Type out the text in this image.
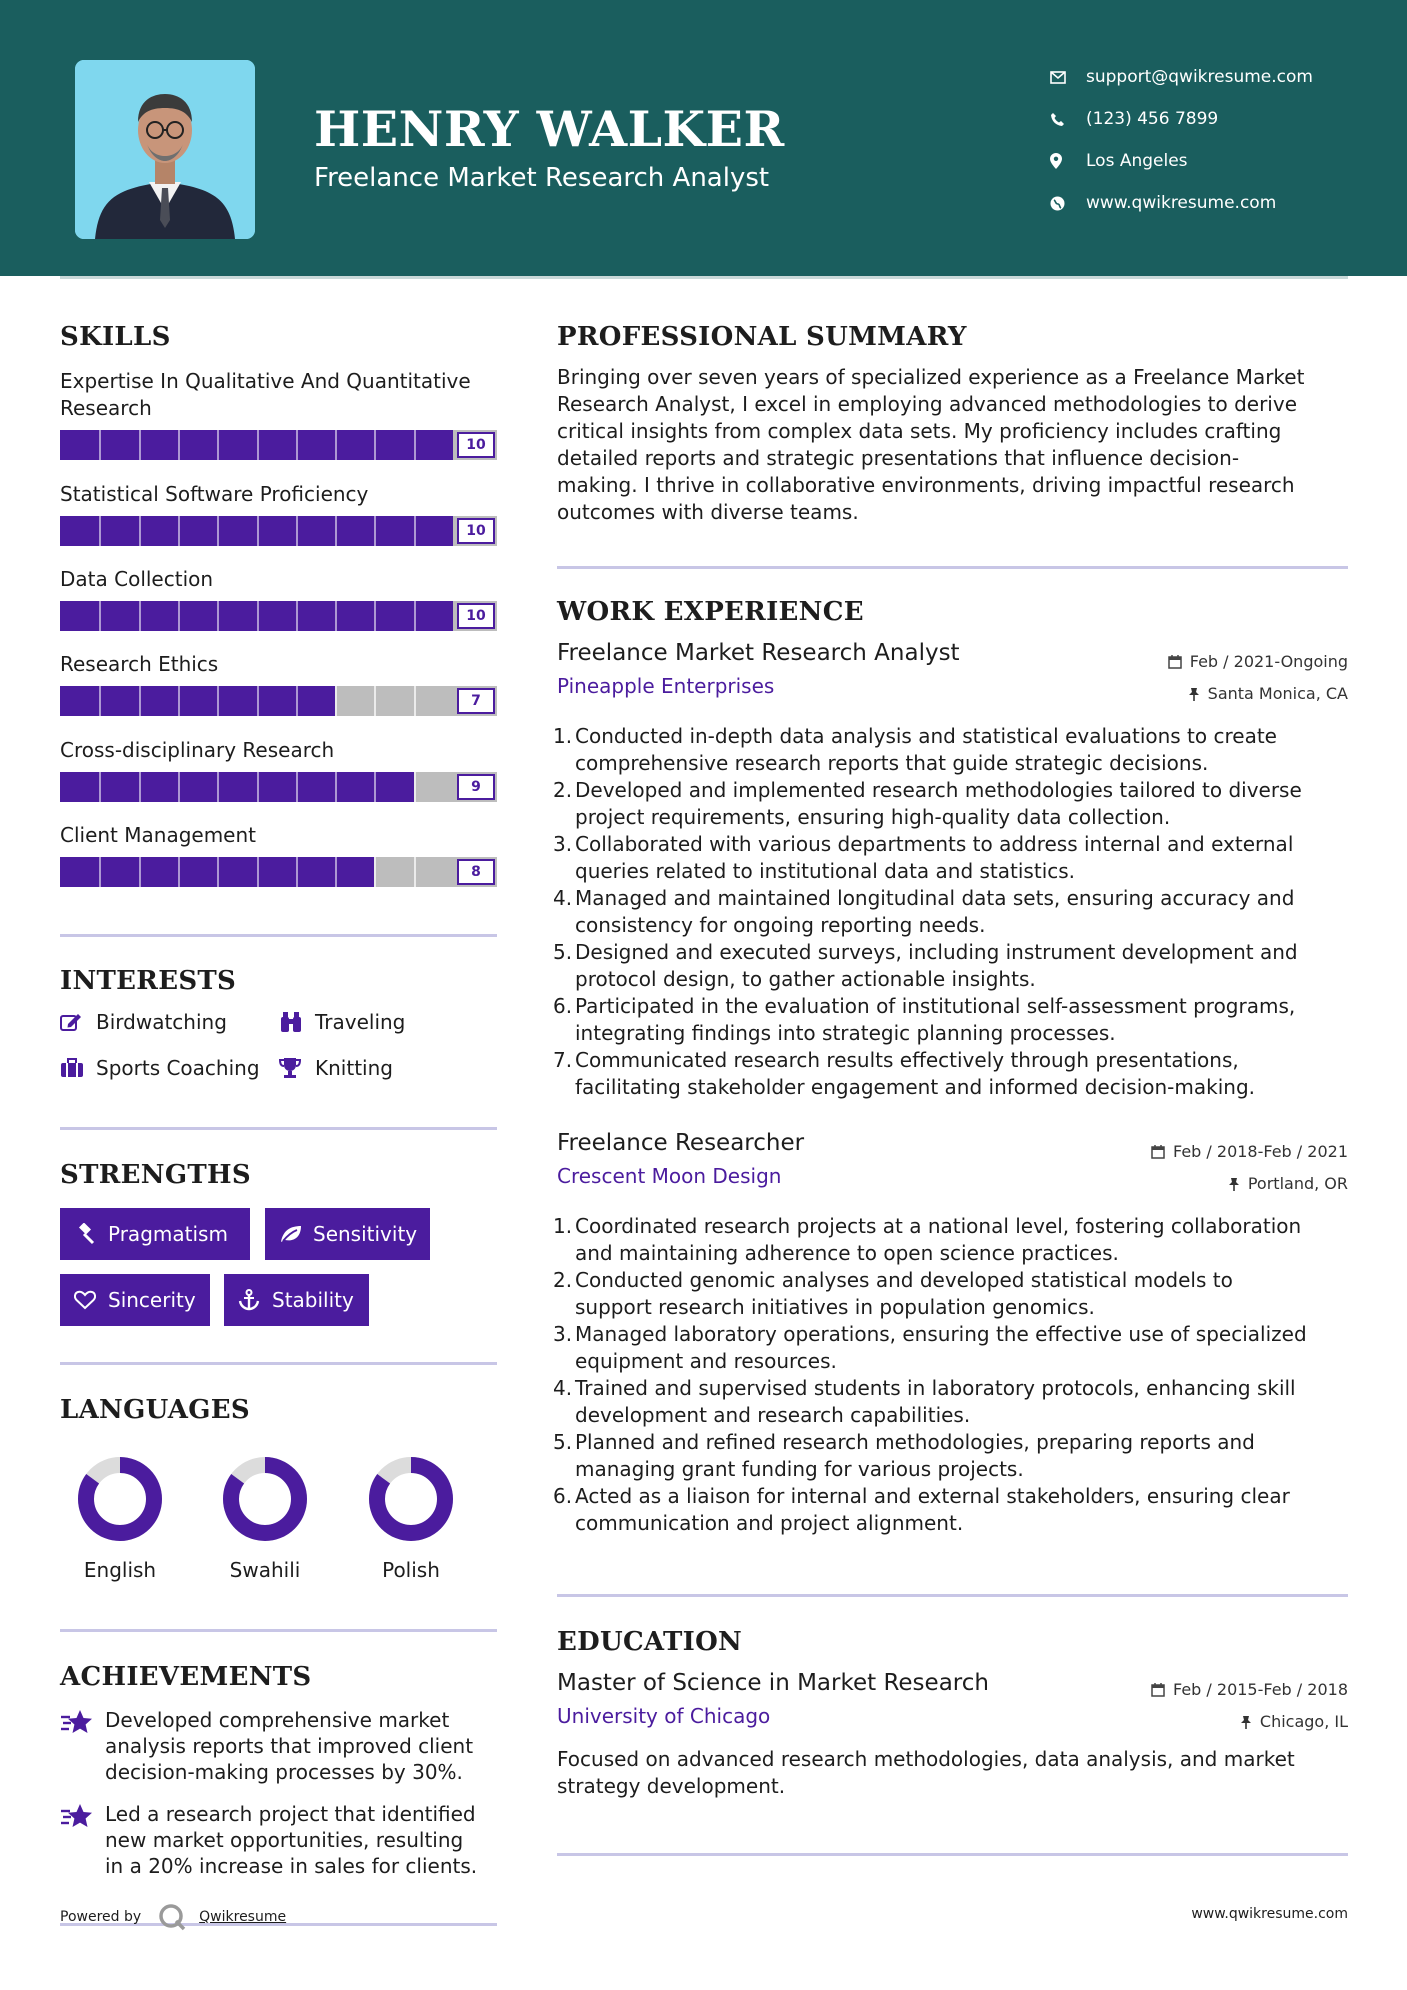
HENRY WALKER
Freelance Market Research Analyst
support@qwikresume.com
(123) 456 7899
Los Angeles
www.qwikresume.com
SKILLS
Expertise In Qualitative And Quantitative Research
10
Statistical Software Proficiency
10
Data Collection
10
Research Ethics
7
Cross-disciplinary Research
9
Client Management
8
INTERESTS
Birdwatching	Traveling
Sports Coaching	Knitting
STRENGTHS
Pragmatism	Sensitivity
Sincerity	Stability
LANGUAGES
English	Swahili	Polish
ACHIEVEMENTS
Developed comprehensive market
analysis reports that improved client
decision-making processes by 30%.
Led a research project that identified
new market opportunities, resulting
in a 20% increase in sales for clients.
PROFESSIONAL SUMMARY
Bringing over seven years of specialized experience as a Freelance Market
Research Analyst, I excel in employing advanced methodologies to derive
critical insights from complex data sets. My proficiency includes crafting
detailed reports and strategic presentations that influence decision-
making. I thrive in collaborative environments, driving impactful research
outcomes with diverse teams.
WORK EXPERIENCE
Freelance Market Research Analyst
Pineapple Enterprises
Feb / 2021-Ongoing
Santa Monica, CA
Conducted in-depth data analysis and statistical evaluations to create
comprehensive research reports that guide strategic decisions.
Developed and implemented research methodologies tailored to diverse
project requirements, ensuring high-quality data collection.
Collaborated with various departments to address internal and external
queries related to institutional data and statistics.
Managed and maintained longitudinal data sets, ensuring accuracy and
consistency for ongoing reporting needs.
Designed and executed surveys, including instrument development and
protocol design, to gather actionable insights.
Participated in the evaluation of institutional self-assessment programs,
integrating findings into strategic planning processes.
Communicated research results effectively through presentations,
facilitating stakeholder engagement and informed decision-making.
Freelance Researcher
Crescent Moon Design
Feb / 2018-Feb / 2021
Portland, OR
Coordinated research projects at a national level, fostering collaboration
and maintaining adherence to open science practices.
Conducted genomic analyses and developed statistical models to
support research initiatives in population genomics.
Managed laboratory operations, ensuring the effective use of specialized
equipment and resources.
Trained and supervised students in laboratory protocols, enhancing skill
development and research capabilities.
Planned and refined research methodologies, preparing reports and
managing grant funding for various projects.
Acted as a liaison for internal and external stakeholders, ensuring clear
communication and project alignment.
EDUCATION
Master of Science in Market Research
University of Chicago
Feb / 2015-Feb / 2018
Chicago, IL
Focused on advanced research methodologies, data analysis, and market
strategy development.
Powered by	Qwikresume	www.qwikresume.com
